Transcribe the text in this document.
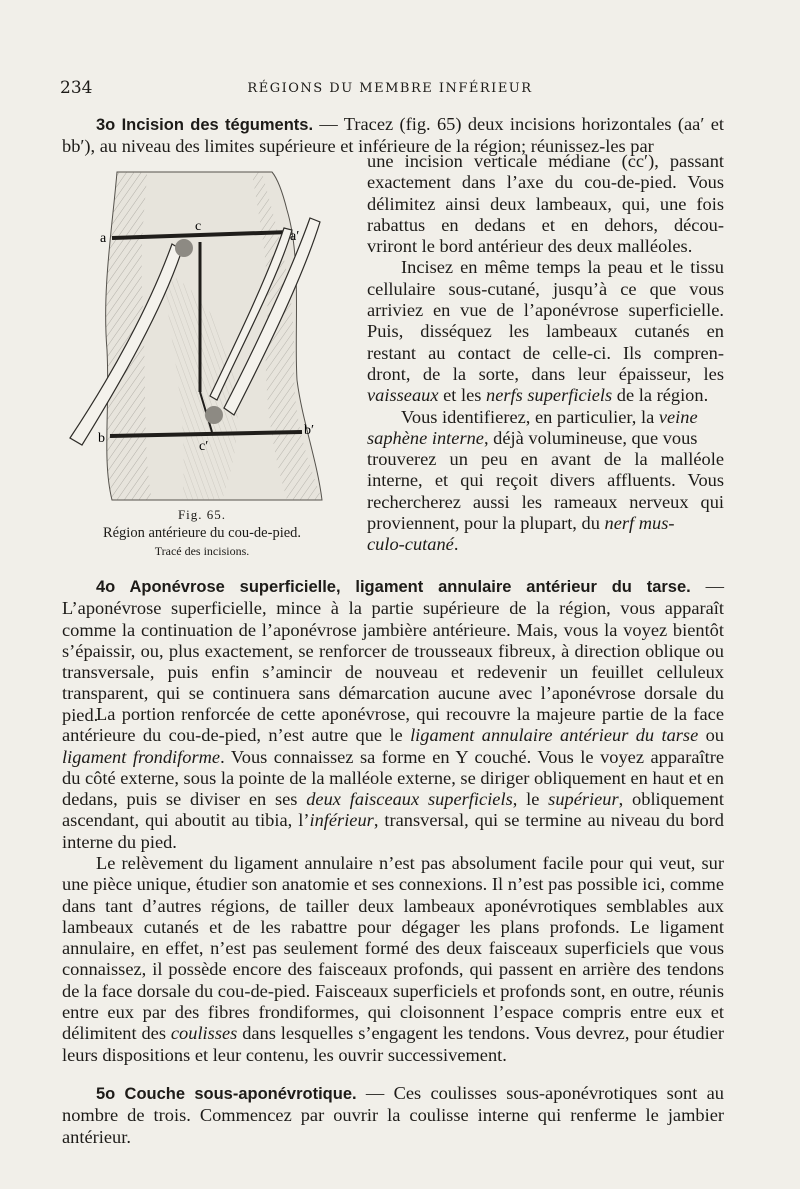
234	RÉGIONS DU MEMBRE INFÉRIEUR

3o Incision des téguments. — Tracez (fig. 65) deux incisions horizontales (aa′ et bb′), au niveau des limites supérieure et inférieure de la région; réunissez-les par

a	a′
c
b
b′
c′
Fig. 65.
Région antérieure du cou-de-pied.
Tracé des incisions.
une incision verticale médiane (cc′), passant
exactement dans l’axe du cou-de-pied. Vous
délimitez ainsi deux lambeaux, qui, une fois
rabattus en dedans et en dehors, décou-
vriront le bord antérieur des deux malléoles.
Incisez en même temps la peau et le tissu
cellulaire sous-cutané, jusqu’à ce que vous
arriviez en vue de l’aponévrose superficielle.
Puis, disséquez les lambeaux cutanés en
restant au contact de celle-ci. Ils compren-
dront, de la sorte, dans leur épaisseur, les
vaisseaux et les nerfs superficiels de la région.
Vous identifierez, en particulier, la veine
saphène interne, déjà volumineuse, que vous
trouverez un peu en avant de la malléole
interne, et qui reçoit divers affluents. Vous
rechercherez aussi les rameaux nerveux qui
proviennent, pour la plupart, du nerf mus-
culo-cutané.

4o Aponévrose superficielle, ligament annulaire antérieur du tarse. — L’aponévrose superficielle, mince à la partie supérieure de la région, vous apparaît comme la continuation de l’aponévrose jambière antérieure. Mais, vous la voyez bientôt s’épaissir, ou, plus exactement, se renforcer de trousseaux fibreux, à direction oblique ou transversale, puis enfin s’amincir de nouveau et redevenir un feuillet celluleux transparent, qui se continuera sans démarcation aucune avec l’aponévrose dorsale du pied.

La portion renforcée de cette aponévrose, qui recouvre la majeure partie de la face antérieure du cou-de-pied, n’est autre que le ligament annulaire antérieur du tarse ou ligament frondiforme. Vous connaissez sa forme en Y couché. Vous le voyez apparaître du côté externe, sous la pointe de la malléole externe, se diriger obliquement en haut et en dedans, puis se diviser en ses deux faisceaux superficiels, le supérieur, obliquement ascendant, qui aboutit au tibia, l’inférieur, transversal, qui se termine au niveau du bord interne du pied.

Le relèvement du ligament annulaire n’est pas absolument facile pour qui veut, sur une pièce unique, étudier son anatomie et ses connexions. Il n’est pas possible ici, comme dans tant d’autres régions, de tailler deux lambeaux aponévrotiques semblables aux lambeaux cutanés et de les rabattre pour dégager les plans profonds. Le ligament annulaire, en effet, n’est pas seulement formé des deux faisceaux superficiels que vous connaissez, il possède encore des faisceaux profonds, qui passent en arrière des tendons de la face dorsale du cou-de-pied. Faisceaux superficiels et profonds sont, en outre, réunis entre eux par des fibres frondiformes, qui cloisonnent l’espace compris entre eux et délimitent des coulisses dans lesquelles s’engagent les tendons. Vous devrez, pour étudier leurs dispositions et leur contenu, les ouvrir successivement.

5o Couche sous-aponévrotique. — Ces coulisses sous-aponévrotiques sont au nombre de trois. Commencez par ouvrir la coulisse interne qui renferme le jambier antérieur.
